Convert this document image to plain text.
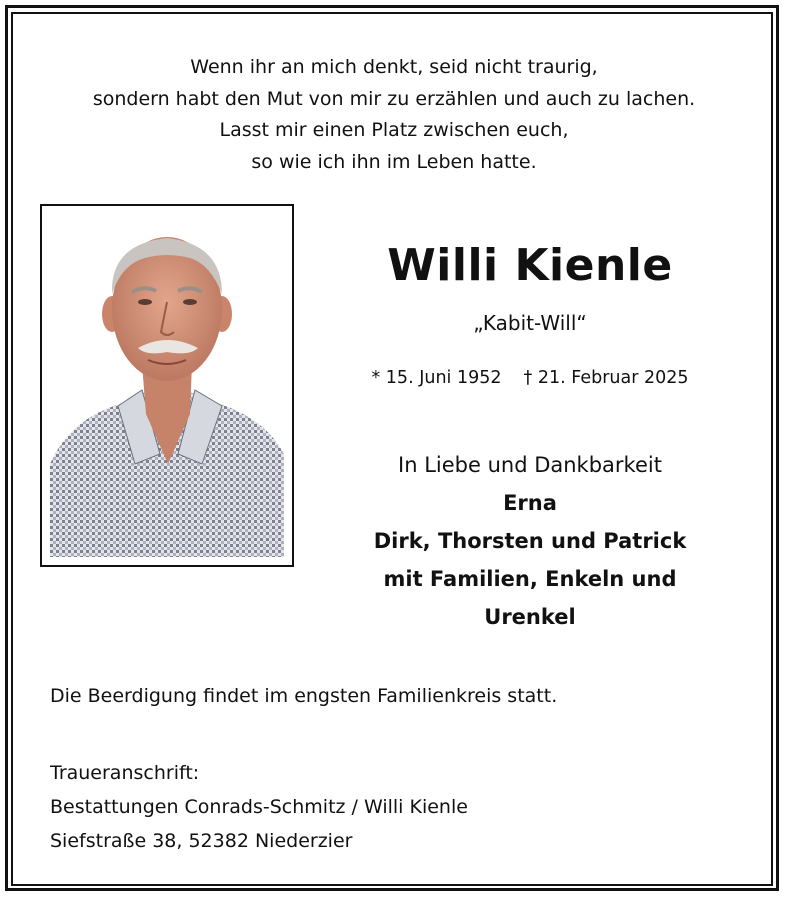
Wenn ihr an mich denkt, seid nicht traurig,
sondern habt den Mut von mir zu erzählen und auch zu lachen.
Lasst mir einen Platz zwischen euch,
so wie ich ihn im Leben hatte.
Willi Kienle
„Kabit-Will“
* 15. Juni 1952 † 21. Februar 2025
In Liebe und Dankbarkeit
Erna
Dirk, Thorsten und Patrick
mit Familien, Enkeln und
Urenkel
Die Beerdigung findet im engsten Familienkreis statt.
Traueranschrift:
Bestattungen Conrads-Schmitz / Willi Kienle
Siefstraße 38, 52382 Niederzier
